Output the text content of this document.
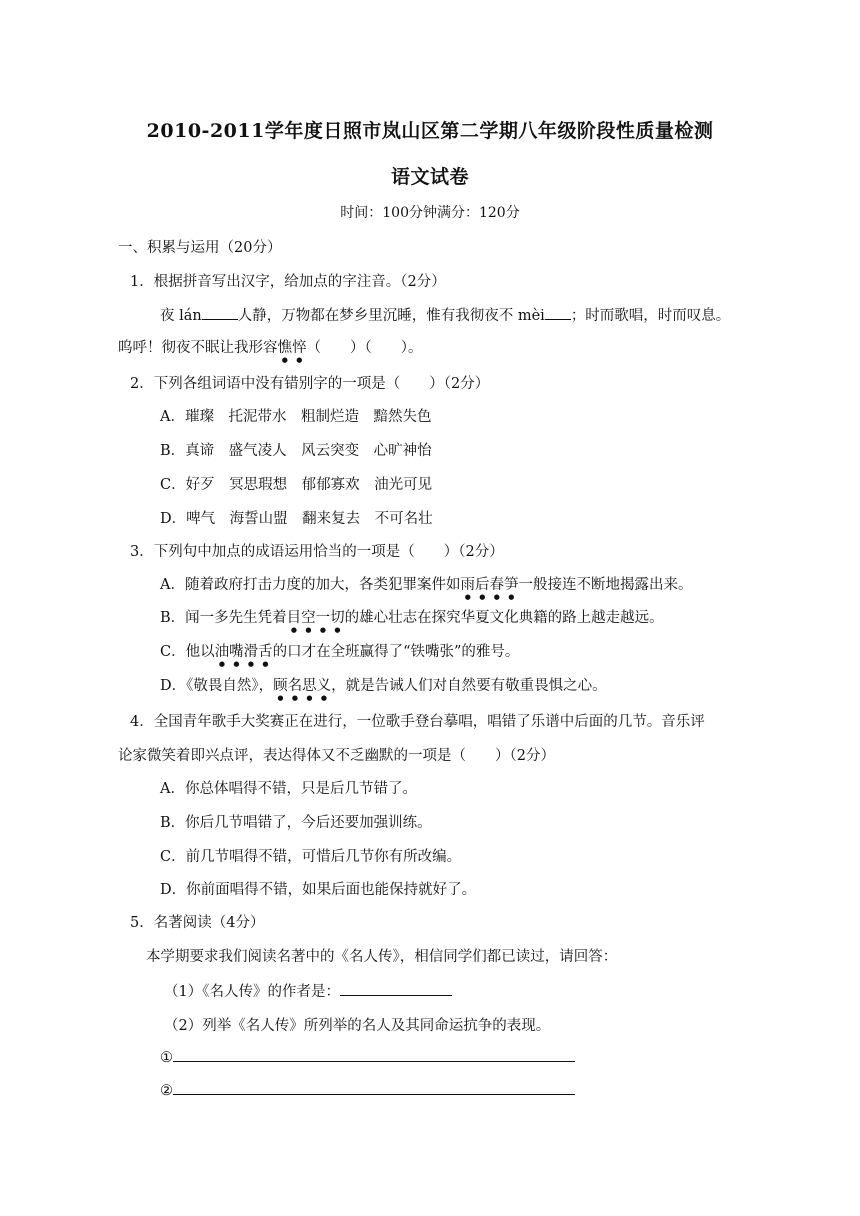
2010-2011学年度日照市岚山区第二学期八年级阶段性质量检测
语文试卷
时间：100分钟满分：120分
一、积累与运用（20分）
1．根据拼音写出汉字，给加点的字注音。（2分）
夜 lán 人静，万物都在梦乡里沉睡，惟有我彻夜不 mèi ；时而歌唱，时而叹息。
呜呼！彻夜不眠让我形容憔悴（　　）（　　）。
2．下列各组词语中没有错别字的一项是（　　）（2分）
A．璀璨　托泥带水　粗制烂造　黯然失色
B．真谛　盛气凌人　风云突变　心旷神怡
C．好歹　冥思瑕想　郁郁寡欢　油光可见
D．啤气　海誓山盟　翻来复去　不可名壮
3．下列句中加点的成语运用恰当的一项是（　　）（2分）
A．随着政府打击力度的加大，各类犯罪案件如雨后春笋一般接连不断地揭露出来。
B．闻一多先生凭着目空一切的雄心壮志在探究华夏文化典籍的路上越走越远。
C．他以油嘴滑舌的口才在全班赢得了“铁嘴张”的雅号。
D．《敬畏自然》，顾名思义，就是告诫人们对自然要有敬重畏惧之心。
4．全国青年歌手大奖赛正在进行，一位歌手登台摹唱，唱错了乐谱中后面的几节。音乐评
论家微笑着即兴点评，表达得体又不乏幽默的一项是（　　）（2分）
A．你总体唱得不错，只是后几节错了。
B．你后几节唱错了，今后还要加强训练。
C．前几节唱得不错，可惜后几节你有所改编。
D．你前面唱得不错，如果后面也能保持就好了。
5．名著阅读（4分）
本学期要求我们阅读名著中的《名人传》，相信同学们都已读过，请回答：
（1）《名人传》的作者是：
（2）列举《名人传》所列举的名人及其同命运抗争的表现。
①
②
